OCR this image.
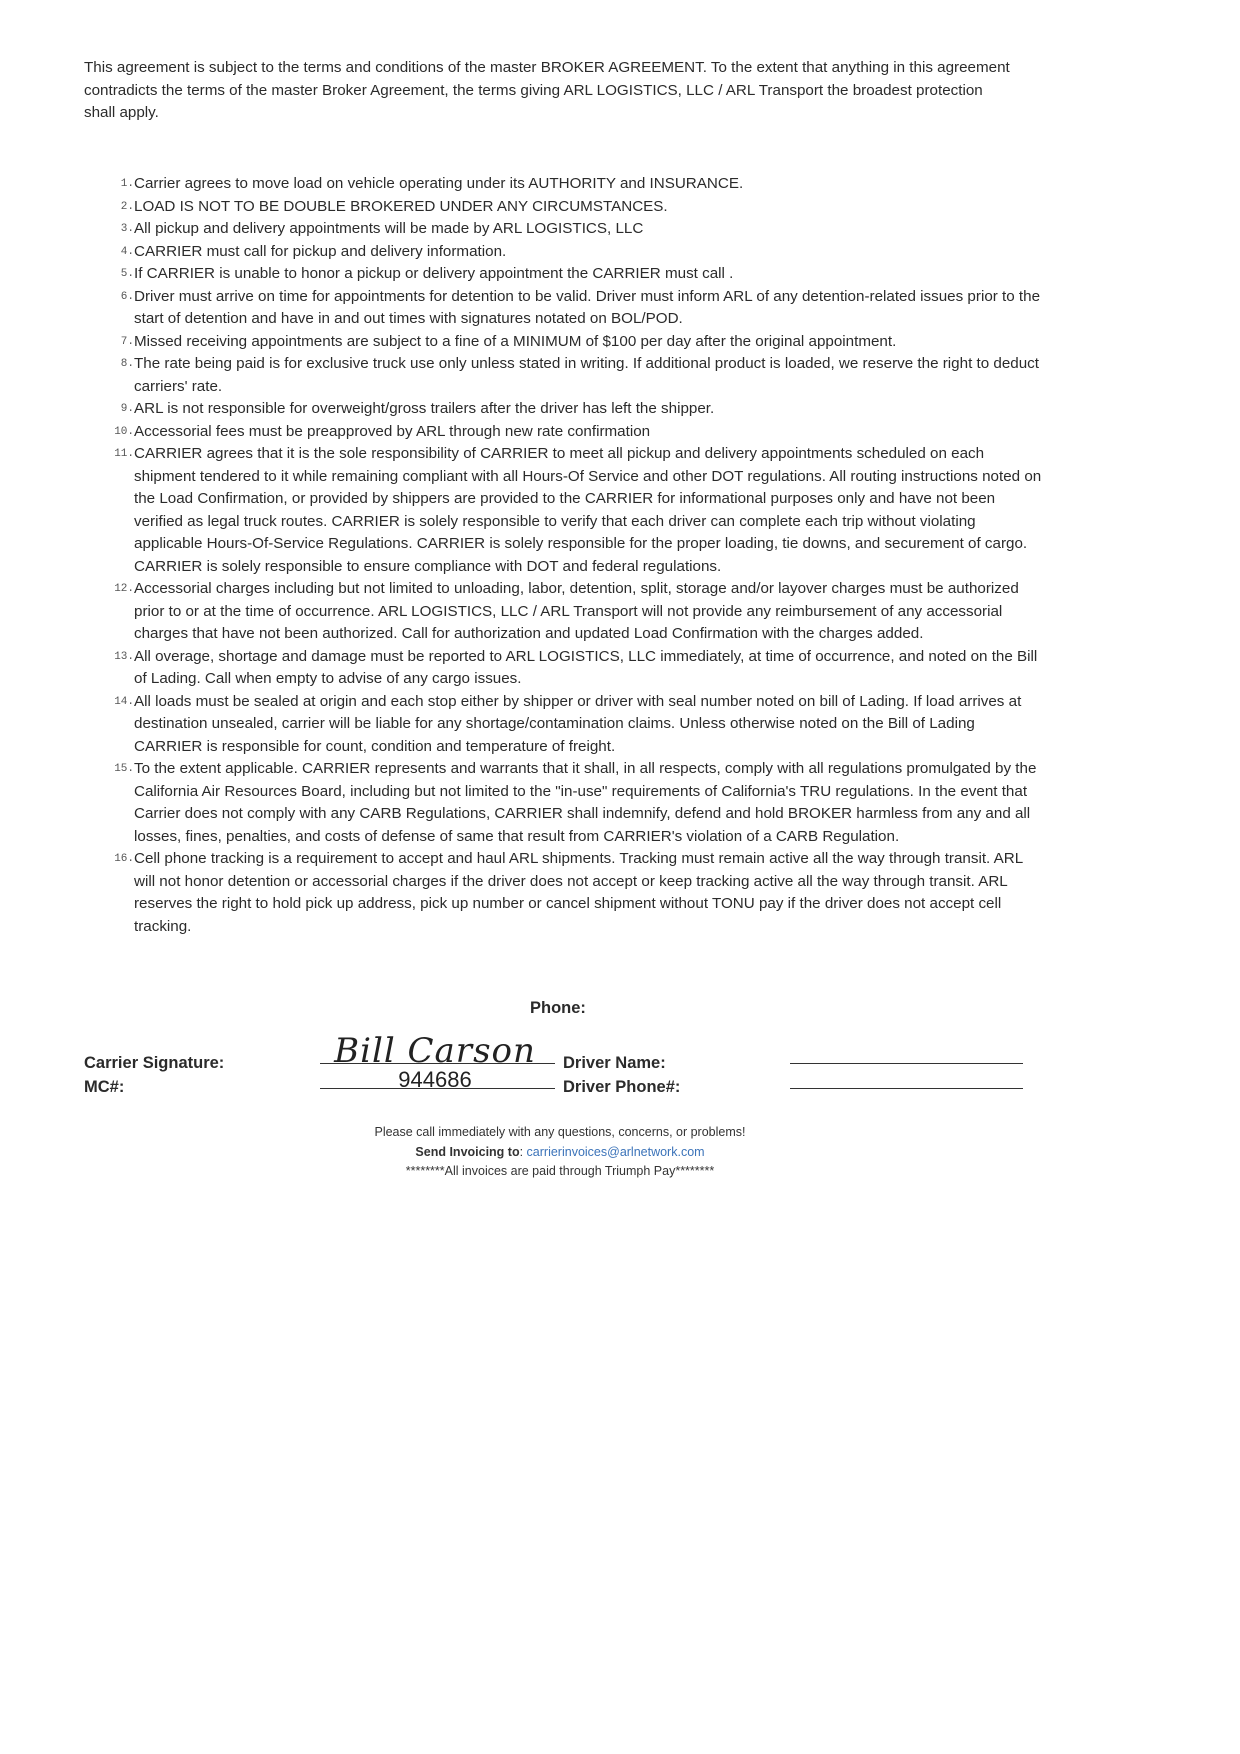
This agreement is subject to the terms and conditions of the master BROKER AGREEMENT. To the extent that anything in this agreement contradicts the terms of the master Broker Agreement, the terms giving ARL LOGISTICS, LLC / ARL Transport the broadest protection shall apply.

1. Carrier agrees to move load on vehicle operating under its AUTHORITY and INSURANCE.
2. LOAD IS NOT TO BE DOUBLE BROKERED UNDER ANY CIRCUMSTANCES.
3. All pickup and delivery appointments will be made by ARL LOGISTICS, LLC
4. CARRIER must call for pickup and delivery information.
5. If CARRIER is unable to honor a pickup or delivery appointment the CARRIER must call .
6. Driver must arrive on time for appointments for detention to be valid. Driver must inform ARL of any detention-related issues prior to the start of detention and have in and out times with signatures notated on BOL/POD.
7. Missed receiving appointments are subject to a fine of a MINIMUM of $100 per day after the original appointment.
8. The rate being paid is for exclusive truck use only unless stated in writing. If additional product is loaded, we reserve the right to deduct carriers' rate.
9. ARL is not responsible for overweight/gross trailers after the driver has left the shipper.
10. Accessorial fees must be preapproved by ARL through new rate confirmation
11. CARRIER agrees that it is the sole responsibility of CARRIER to meet all pickup and delivery appointments scheduled on each shipment tendered to it while remaining compliant with all Hours-Of Service and other DOT regulations. All routing instructions noted on the Load Confirmation, or provided by shippers are provided to the CARRIER for informational purposes only and have not been verified as legal truck routes. CARRIER is solely responsible to verify that each driver can complete each trip without violating applicable Hours-Of-Service Regulations. CARRIER is solely responsible for the proper loading, tie downs, and securement of cargo. CARRIER is solely responsible to ensure compliance with DOT and federal regulations.
12. Accessorial charges including but not limited to unloading, labor, detention, split, storage and/or layover charges must be authorized prior to or at the time of occurrence. ARL LOGISTICS, LLC / ARL Transport will not provide any reimbursement of any accessorial charges that have not been authorized. Call for authorization and updated Load Confirmation with the charges added.
13. All overage, shortage and damage must be reported to ARL LOGISTICS, LLC immediately, at time of occurrence, and noted on the Bill of Lading. Call when empty to advise of any cargo issues.
14. All loads must be sealed at origin and each stop either by shipper or driver with seal number noted on bill of Lading. If load arrives at destination unsealed, carrier will be liable for any shortage/contamination claims. Unless otherwise noted on the Bill of Lading CARRIER is responsible for count, condition and temperature of freight.
15. To the extent applicable. CARRIER represents and warrants that it shall, in all respects, comply with all regulations promulgated by the California Air Resources Board, including but not limited to the "in-use" requirements of California's TRU regulations. In the event that Carrier does not comply with any CARB Regulations, CARRIER shall indemnify, defend and hold BROKER harmless from any and all losses, fines, penalties, and costs of defense of same that result from CARRIER's violation of a CARB Regulation.
16. Cell phone tracking is a requirement to accept and haul ARL shipments. Tracking must remain active all the way through transit. ARL will not honor detention or accessorial charges if the driver does not accept or keep tracking active all the way through transit. ARL reserves the right to hold pick up address, pick up number or cancel shipment without TONU pay if the driver does not accept cell tracking.
Phone:
Carrier Signature:	Bill Carson	Driver Name:
MC#:	944686	Driver Phone#:
Please call immediately with any questions, concerns, or problems!
Send Invoicing to: carrierinvoices@arlnetwork.com
********All invoices are paid through Triumph Pay********
